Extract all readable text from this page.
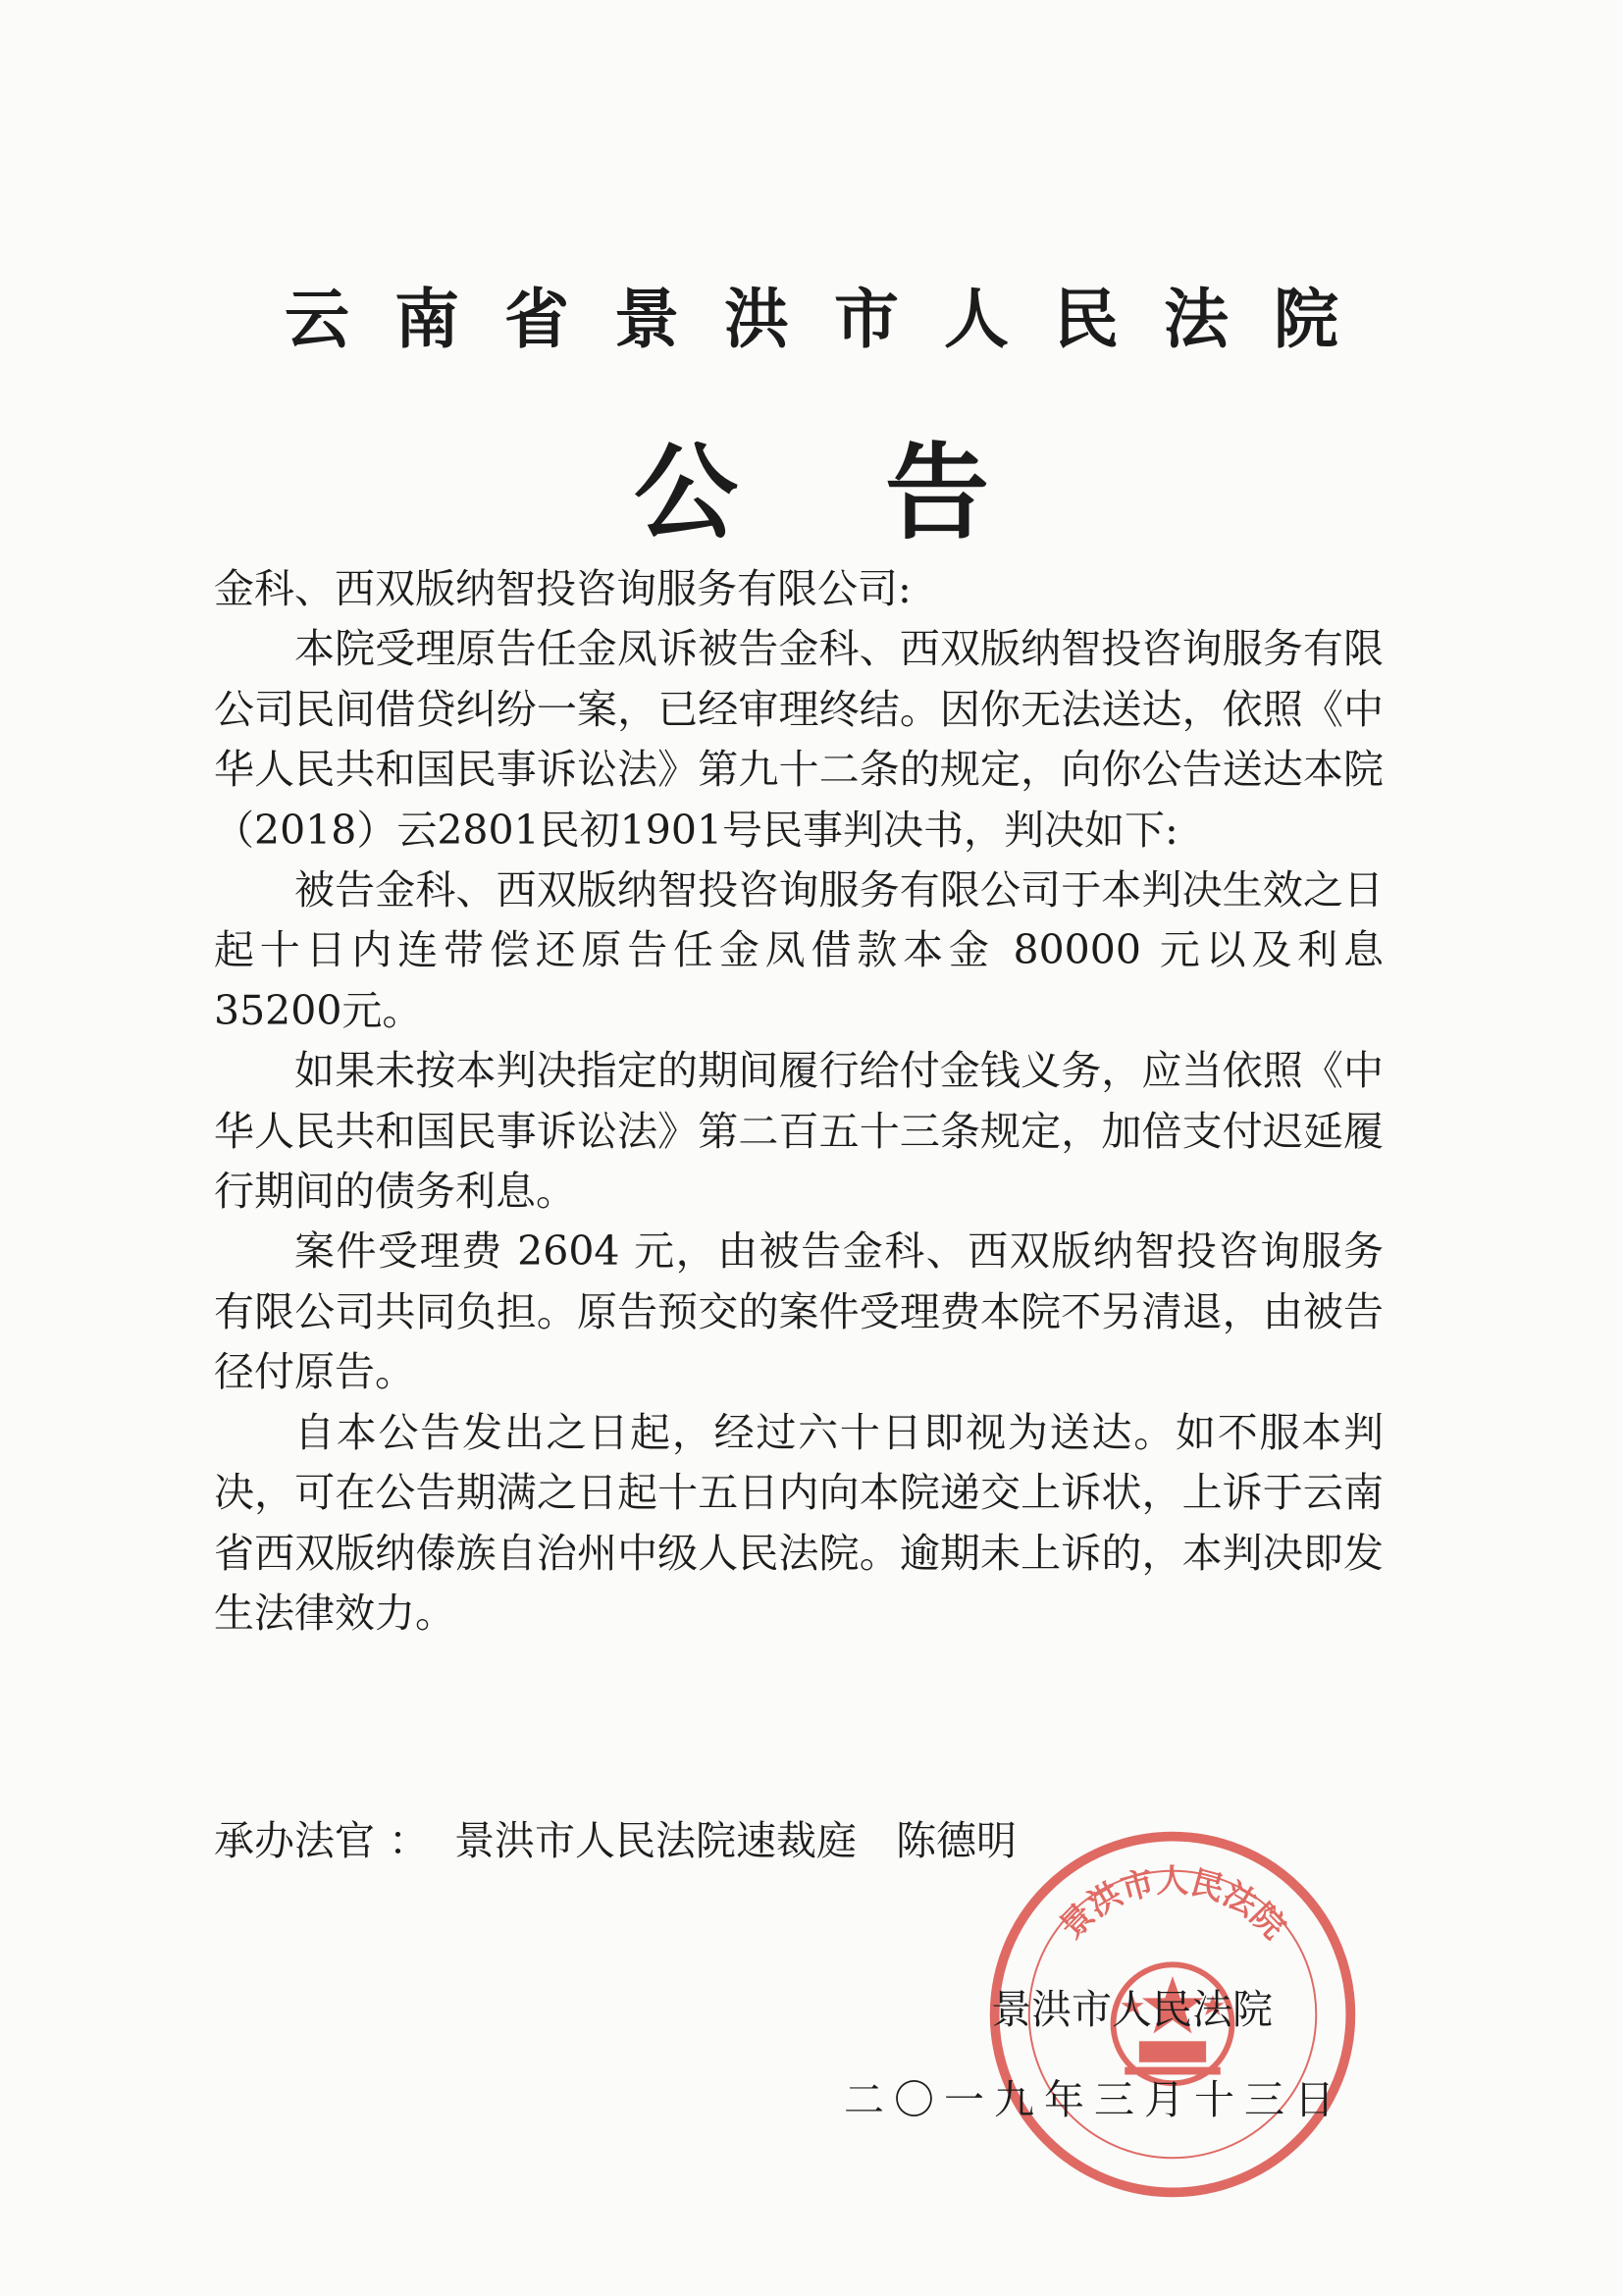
云南省景洪市人民法院
公告

金科、西双版纳智投咨询服务有限公司:

本院受理原告任金凤诉被告金科、西双版纳智投咨询服务有限公司民间借贷纠纷一案，已经审理终结。因你无法送达，依照《中华人民共和国民事诉讼法》第九十二条的规定，向你公告送达本院（2018）云2801民初1901号民事判决书，判决如下:

被告金科、西双版纳智投咨询服务有限公司于本判决生效之日起十日内连带偿还原告任金凤借款本金 80000 元以及利息 35200元。

如果未按本判决指定的期间履行给付金钱义务，应当依照《中华人民共和国民事诉讼法》第二百五十三条规定，加倍支付迟延履行期间的债务利息。

案件受理费 2604 元，由被告金科、西双版纳智投咨询服务有限公司共同负担。原告预交的案件受理费本院不另清退，由被告径付原告。

自本公告发出之日起，经过六十日即视为送达。如不服本判决，可在公告期满之日起十五日内向本院递交上诉状，上诉于云南省西双版纳傣族自治州中级人民法院。逾期未上诉的，本判决即发生法律效力。

承办法官 ： 景洪市人民法院速裁庭 陈德明
景洪市人民法院
景洪市人民法院
二〇一九年三月十三日
